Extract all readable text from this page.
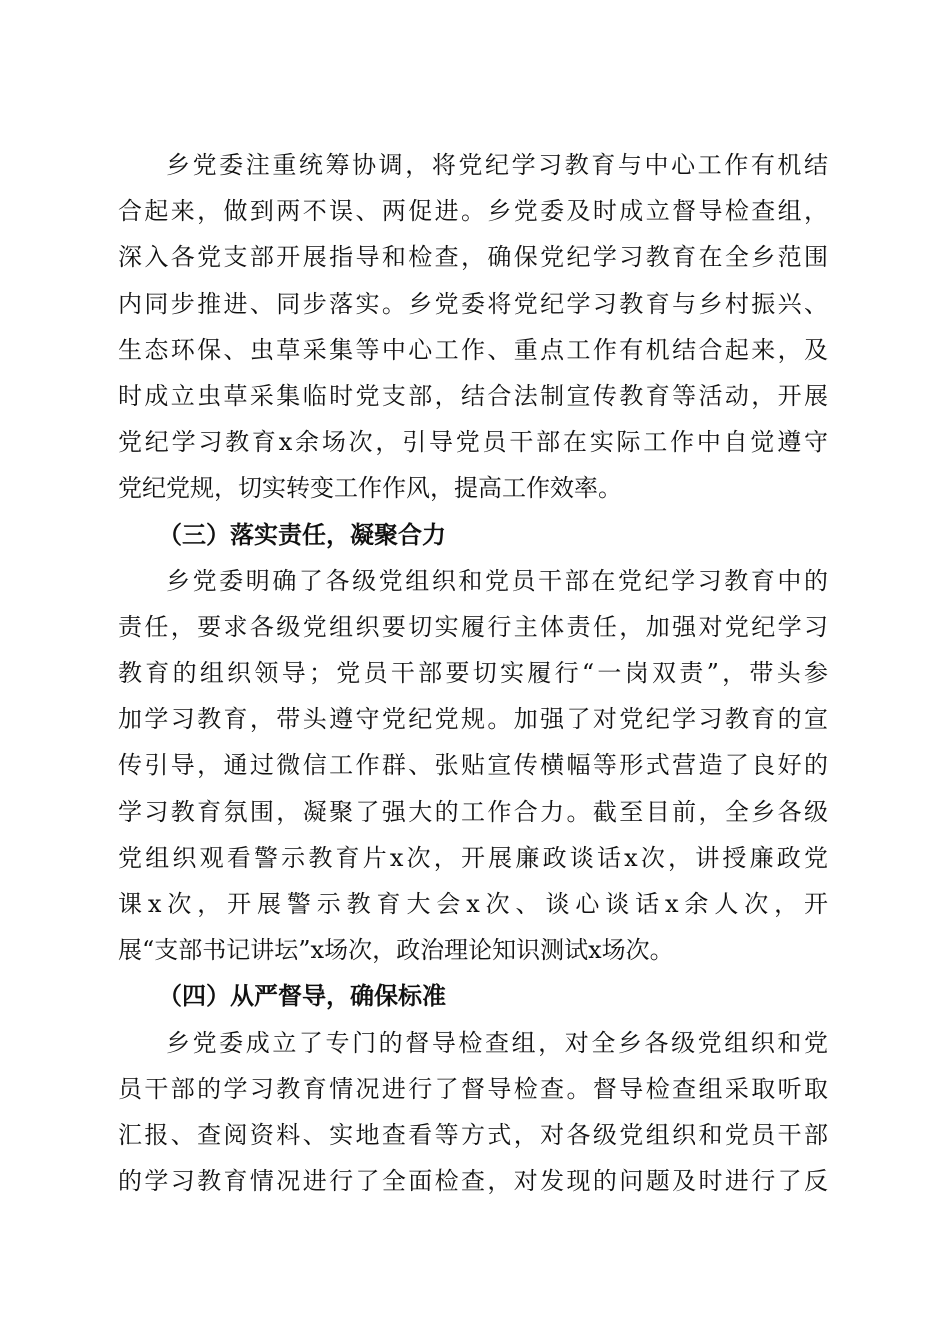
乡党委注重统筹协调，将党纪学习教育与中心工作有机结
合起来，做到两不误、两促进。乡党委及时成立督导检查组，
深入各党支部开展指导和检查，确保党纪学习教育在全乡范围
内同步推进、同步落实。乡党委将党纪学习教育与乡村振兴、
生态环保、虫草采集等中心工作、重点工作有机结合起来，及
时成立虫草采集临时党支部，结合法制宣传教育等活动，开展
党纪学习教育x余场次，引导党员干部在实际工作中自觉遵守
党纪党规，切实转变工作作风，提高工作效率。
（三）落实责任，凝聚合力
乡党委明确了各级党组织和党员干部在党纪学习教育中的
责任，要求各级党组织要切实履行主体责任，加强对党纪学习
教育的组织领导；党员干部要切实履行“一岗双责”，带头参
加学习教育，带头遵守党纪党规。加强了对党纪学习教育的宣
传引导，通过微信工作群、张贴宣传横幅等形式营造了良好的
学习教育氛围，凝聚了强大的工作合力。截至目前，全乡各级
党组织观看警示教育片x次，开展廉政谈话x次，讲授廉政党
课x次，开展警示教育大会x次、谈心谈话x余人次，开
展“支部书记讲坛”x场次，政治理论知识测试x场次。
（四）从严督导，确保标准
乡党委成立了专门的督导检查组，对全乡各级党组织和党
员干部的学习教育情况进行了督导检查。督导检查组采取听取
汇报、查阅资料、实地查看等方式，对各级党组织和党员干部
的学习教育情况进行了全面检查，对发现的问题及时进行了反
